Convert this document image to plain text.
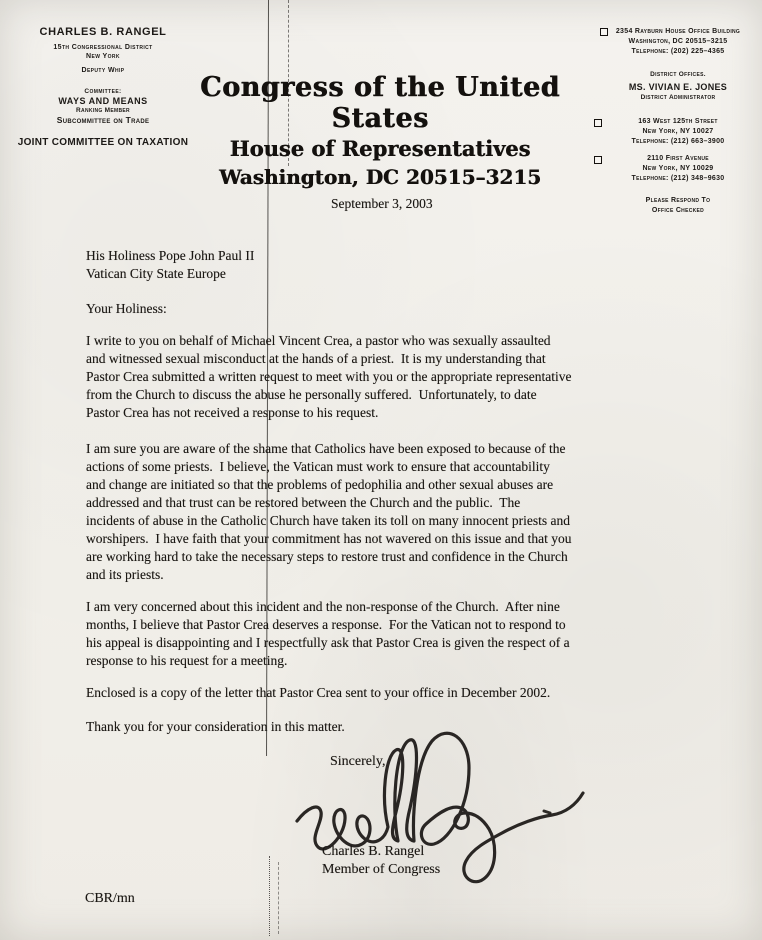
CHARLES B. RANGEL
15th Congressional District
New York
Deputy Whip
Committee:
WAYS AND MEANS
Ranking Member
Subcommittee on Trade
JOINT COMMITTEE ON TAXATION
Congress of the United States
House of Representatives
Washington, DC 20515–3215
2354 Rayburn House Office Building
Washington, DC 20515–3215
Telephone: (202) 225–4365
District Offices.
MS. VIVIAN E. JONES
District Administrator
163 West 125th Street
New York, NY 10027
Telephone: (212) 663–3900
2110 First Avenue
New York, NY 10029
Telephone: (212) 348–9630
Please Respond To
Office Checked
September 3, 2003
His Holiness Pope John Paul II
Vatican City State Europe
Your Holiness:
I write to you on behalf of Michael Vincent Crea, a pastor who was sexually assaulted
and witnessed sexual misconduct at the hands of a priest.  It is my understanding that
Pastor Crea submitted a written request to meet with you or the appropriate representative
from the Church to discuss the abuse he personally suffered.  Unfortunately, to date
Pastor Crea has not received a response to his request.
I am sure you are aware of the shame that Catholics have been exposed to because of the
actions of some priests.  I believe, the Vatican must work to ensure that accountability
and change are initiated so that the problems of pedophilia and other sexual abuses are
addressed and that trust can be restored between the Church and the public.  The
incidents of abuse in the Catholic Church have taken its toll on many innocent priests and
worshipers.  I have faith that your commitment has not wavered on this issue and that you
are working hard to take the necessary steps to restore trust and confidence in the Church
and its priests.
I am very concerned about this incident and the non-response of the Church.  After nine
months, I believe that Pastor Crea deserves a response.  For the Vatican not to respond to
his appeal is disappointing and I respectfully ask that Pastor Crea is given the respect of a
response to his request for a meeting.
Enclosed is a copy of the letter that Pastor Crea sent to your office in December 2002.
Thank you for your consideration in this matter.
Sincerely,
Charles B. Rangel
Member of Congress
CBR/mn
